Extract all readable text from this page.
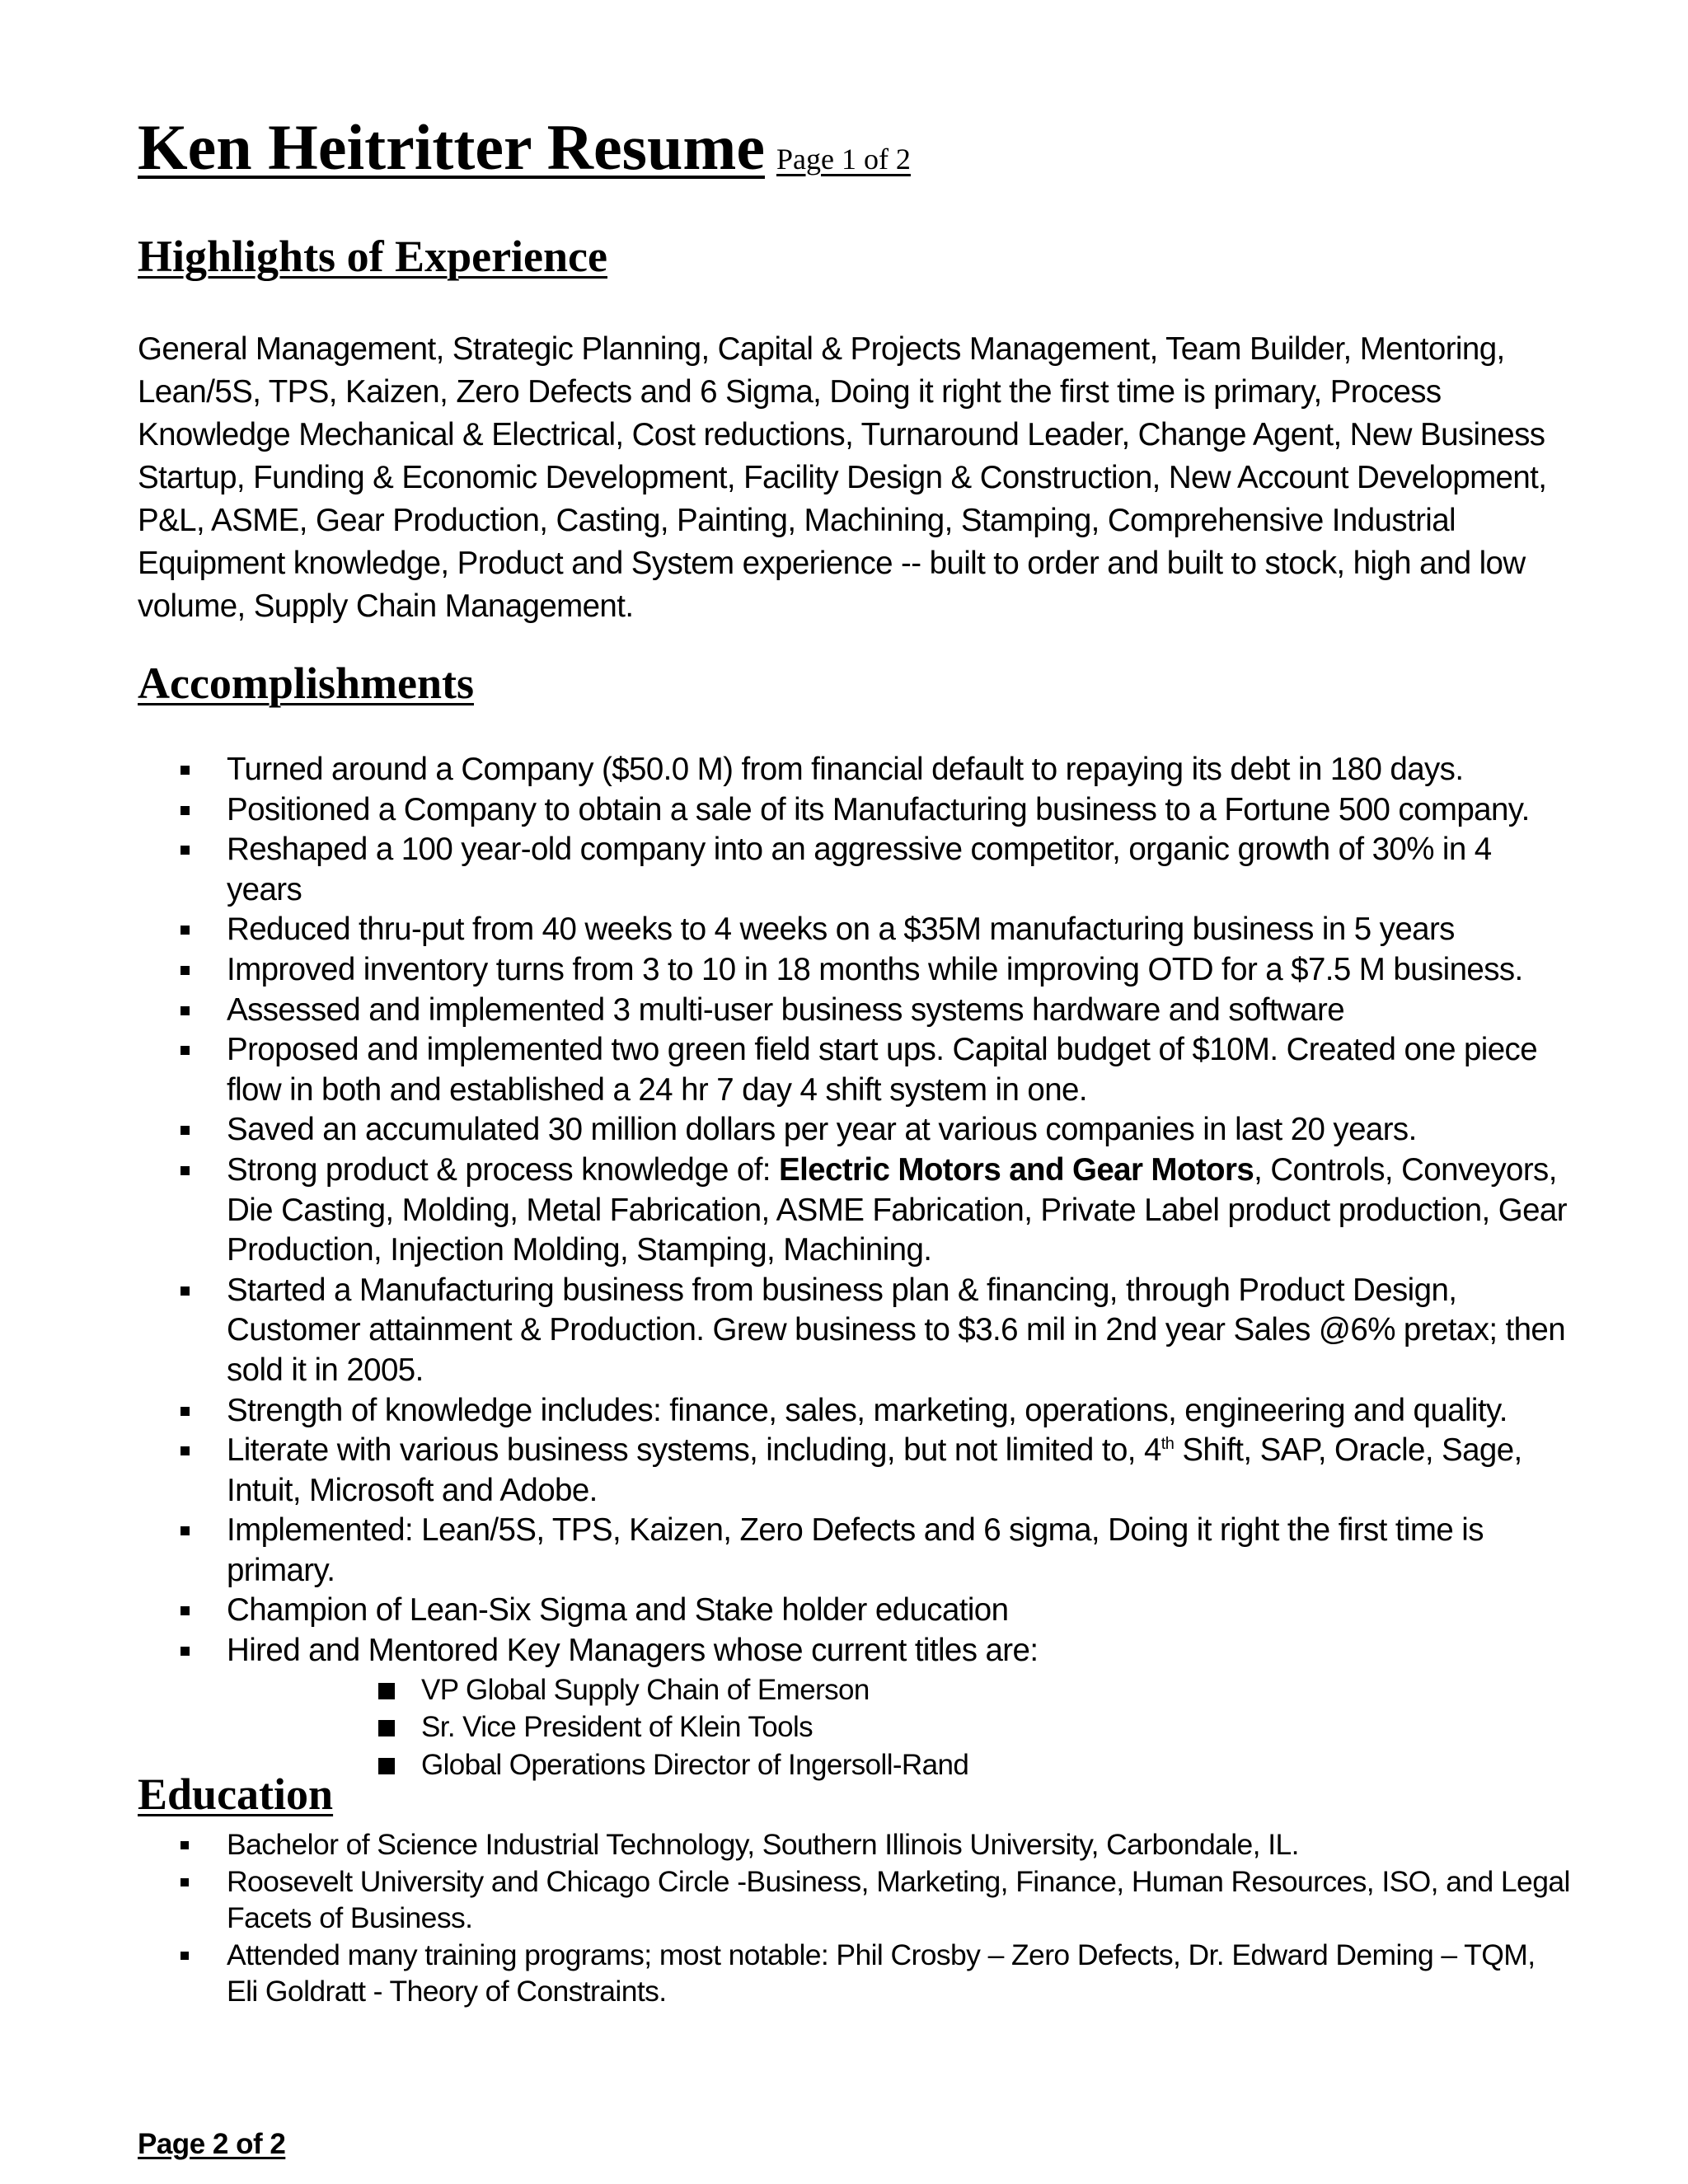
Ken Heitritter Resume Page 1 of 2
Highlights of Experience

General Management, Strategic Planning, Capital & Projects Management, Team Builder, Mentoring, Lean/5S, TPS, Kaizen, Zero Defects and 6 Sigma, Doing it right the first time is primary, Process Knowledge Mechanical & Electrical, Cost reductions, Turnaround Leader, Change Agent, New Business Startup, Funding & Economic Development, Facility Design & Construction, New Account Development, P&L, ASME, Gear Production, Casting, Painting, Machining, Stamping, Comprehensive Industrial Equipment knowledge, Product and System experience -- built to order and built to stock, high and low volume, Supply Chain Management.

Accomplishments
Turned around a Company ($50.0 M) from financial default to repaying its debt in 180 days.
Positioned a Company to obtain a sale of its Manufacturing business to a Fortune 500 company.
Reshaped a 100 year-old company into an aggressive competitor, organic growth of 30% in 4 years
Reduced thru-put from 40 weeks to 4 weeks on a $35M manufacturing business in 5 years
Improved inventory turns from 3 to 10 in 18 months while improving OTD for a $7.5 M business.
Assessed and implemented 3 multi-user business systems hardware and software
Proposed and implemented two green field start ups. Capital budget of $10M. Created one piece flow in both and established a 24 hr 7 day 4 shift system in one.
Saved an accumulated 30 million dollars per year at various companies in last 20 years.
Strong product & process knowledge of: Electric Motors and Gear Motors, Controls, Conveyors, Die Casting, Molding, Metal Fabrication, ASME Fabrication, Private Label product production, Gear Production, Injection Molding, Stamping, Machining.
Started a Manufacturing business from business plan & financing, through Product Design, Customer attainment & Production. Grew business to $3.6 mil in 2nd year Sales @6% pretax; then sold it in 2005.
Strength of knowledge includes: finance, sales, marketing, operations, engineering and quality.
Literate with various business systems, including, but not limited to, 4th Shift, SAP, Oracle, Sage, Intuit, Microsoft and Adobe.
Implemented: Lean/5S, TPS, Kaizen, Zero Defects and 6 sigma, Doing it right the first time is primary.
Champion of Lean-Six Sigma and Stake holder education
Hired and Mentored Key Managers whose current titles are:
VP Global Supply Chain of Emerson
Sr. Vice President of Klein Tools
Global Operations Director of Ingersoll-Rand
Education
Bachelor of Science Industrial Technology, Southern Illinois University, Carbondale, IL.
Roosevelt University and Chicago Circle -Business, Marketing, Finance, Human Resources, ISO, and Legal Facets of Business.
Attended many training programs; most notable: Phil Crosby – Zero Defects, Dr. Edward Deming – TQM,
Eli Goldratt - Theory of Constraints.
Page 2 of 2
